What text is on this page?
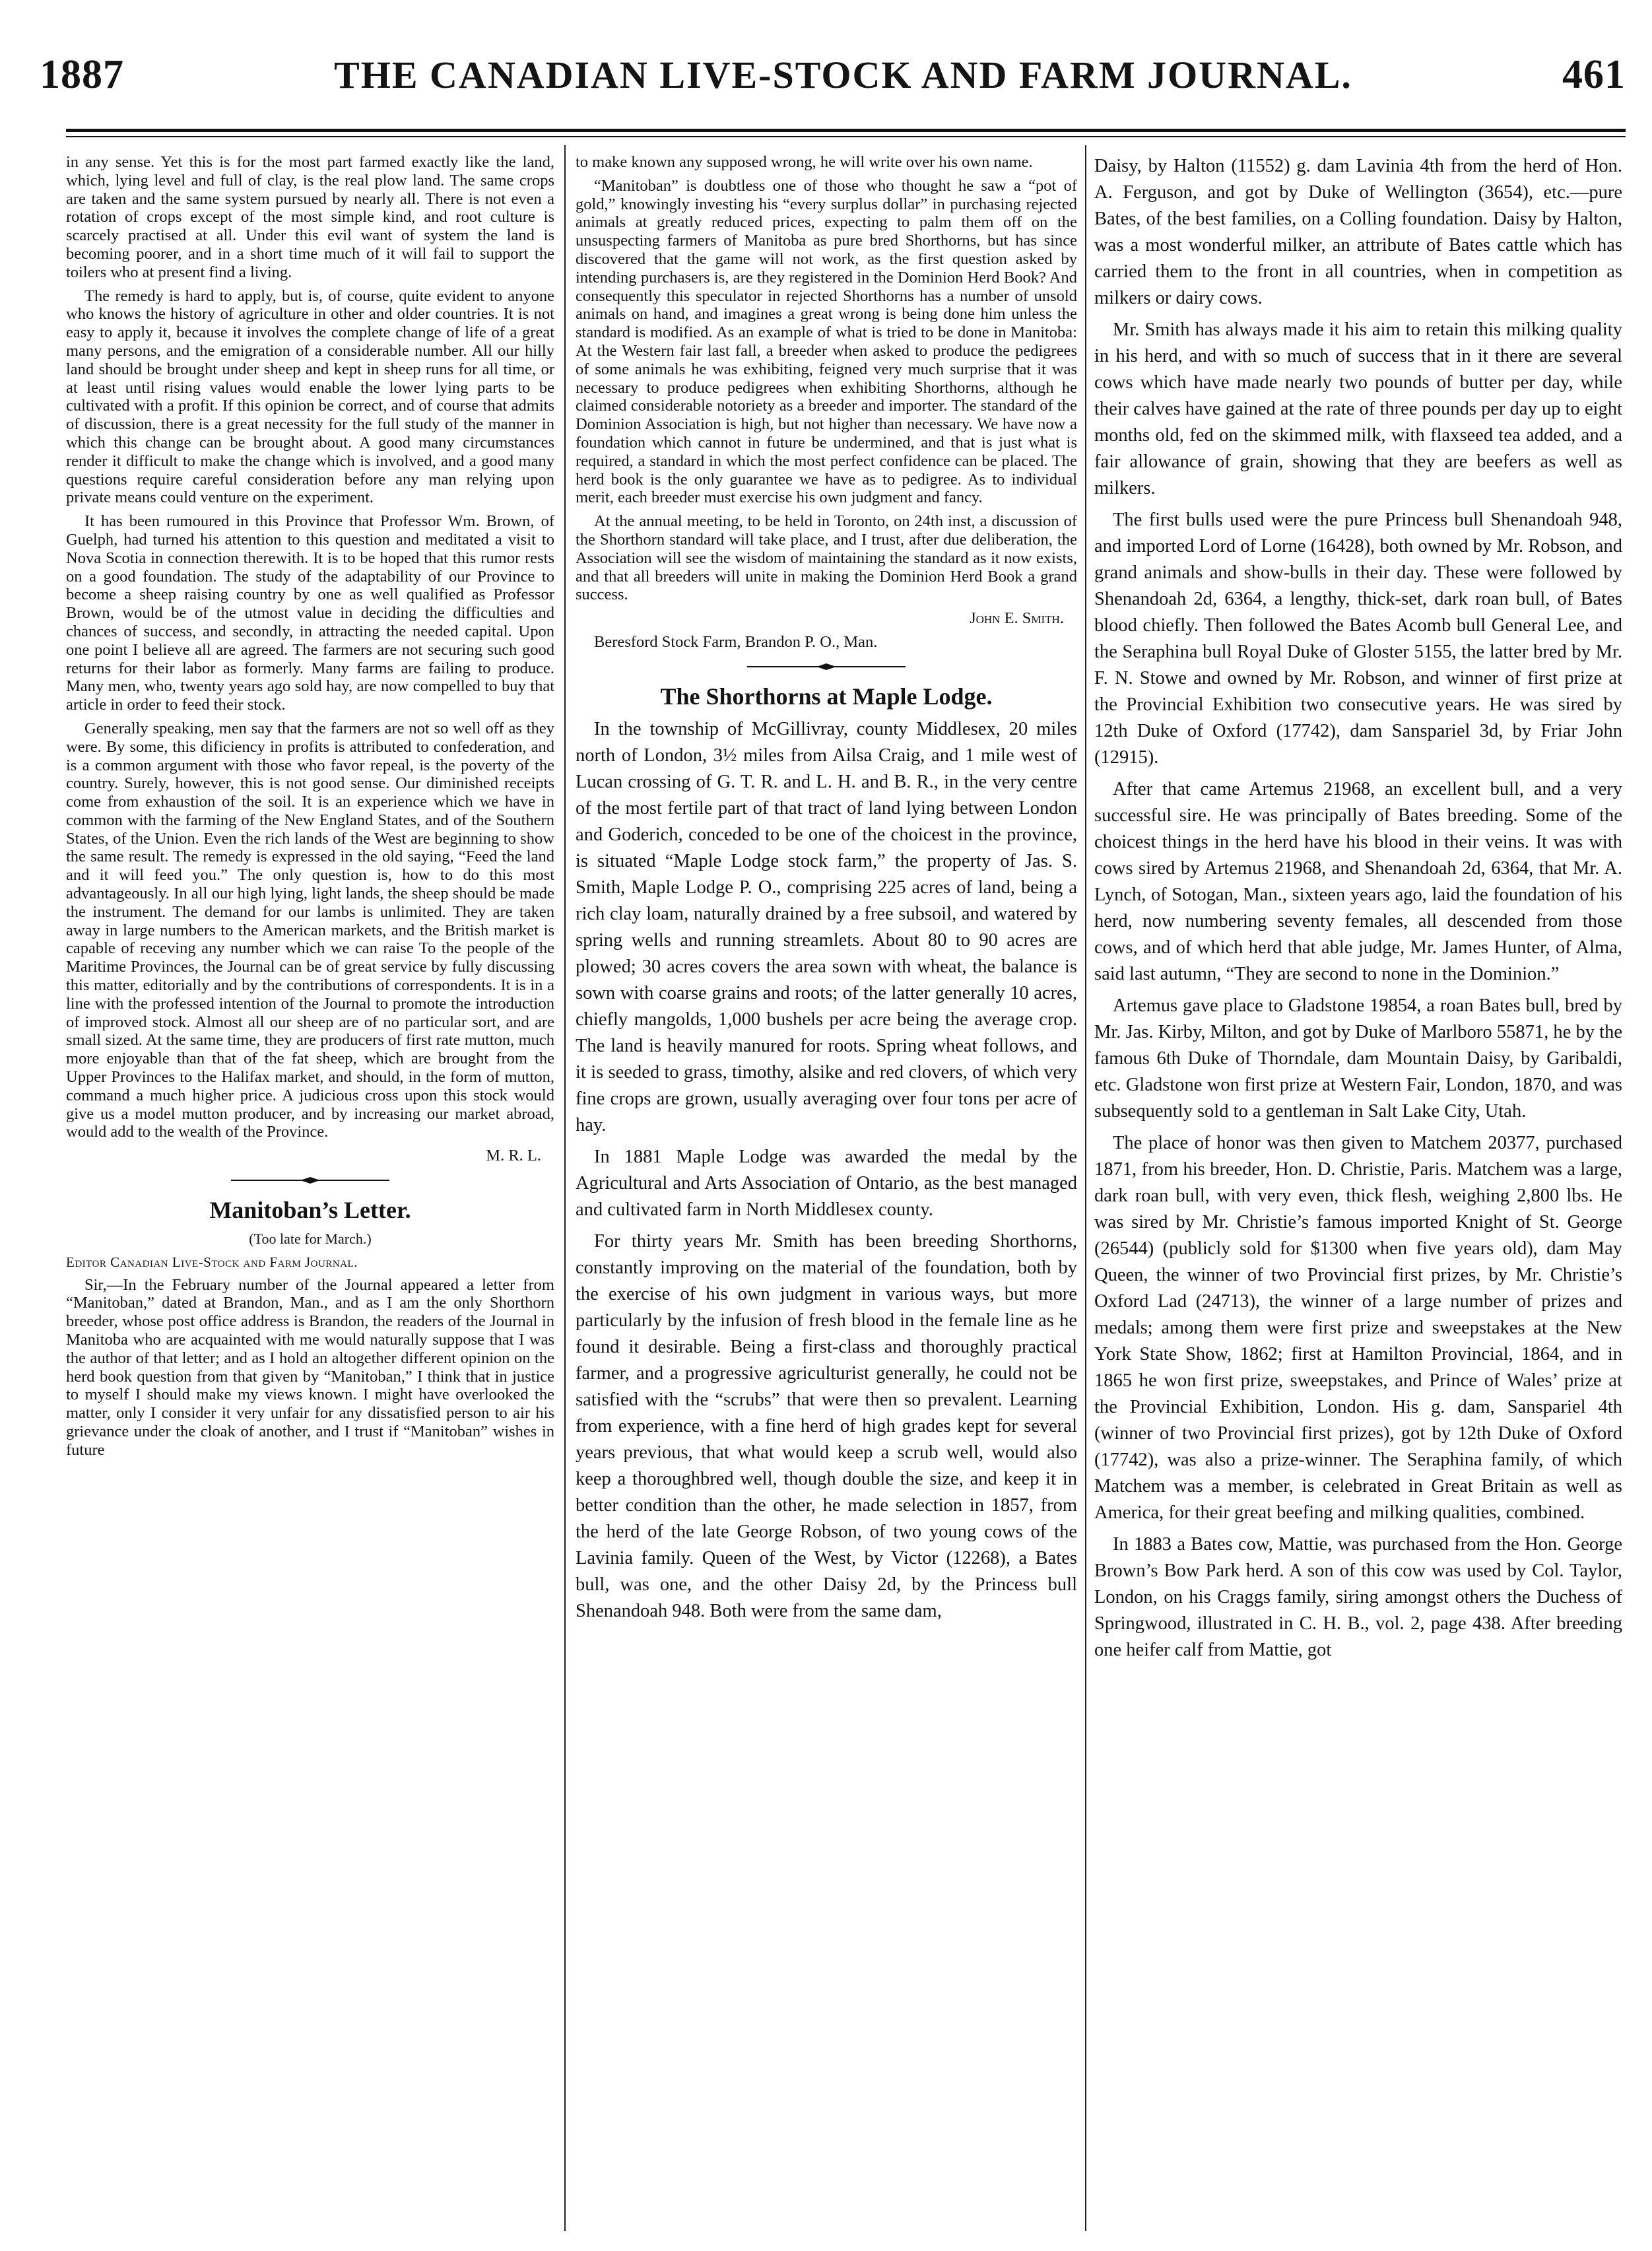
1887	THE CANADIAN LIVE-STOCK AND FARM JOURNAL.	461

in any sense. Yet this is for the most part farmed exactly like the land, which, lying level and full of clay, is the real plow land. The same crops are taken and the same system pursued by nearly all. There is not even a rotation of crops except of the most simple kind, and root culture is scarcely practised at all. Under this evil want of system the land is becoming poorer, and in a short time much of it will fail to support the toilers who at present find a living.

The remedy is hard to apply, but is, of course, quite evident to anyone who knows the history of agriculture in other and older countries. It is not easy to apply it, because it involves the complete change of life of a great many persons, and the emigration of a considerable number. All our hilly land should be brought under sheep and kept in sheep runs for all time, or at least until rising values would enable the lower lying parts to be cultivated with a profit. If this opinion be correct, and of course that admits of discussion, there is a great necessity for the full study of the manner in which this change can be brought about. A good many circumstances render it difficult to make the change which is involved, and a good many questions require careful consideration before any man relying upon private means could venture on the experiment.

It has been rumoured in this Province that Professor Wm. Brown, of Guelph, had turned his attention to this question and meditated a visit to Nova Scotia in connection therewith. It is to be hoped that this rumor rests on a good foundation. The study of the adaptability of our Province to become a sheep raising country by one as well qualified as Professor Brown, would be of the utmost value in deciding the difficulties and chances of success, and secondly, in attracting the needed capital. Upon one point I believe all are agreed. The farmers are not securing such good returns for their labor as formerly. Many farms are failing to produce. Many men, who, twenty years ago sold hay, are now compelled to buy that article in order to feed their stock.

Generally speaking, men say that the farmers are not so well off as they were. By some, this dificiency in profits is attributed to confederation, and is a common argument with those who favor repeal, is the poverty of the country. Surely, however, this is not good sense. Our diminished receipts come from exhaustion of the soil. It is an experience which we have in common with the farming of the New England States, and of the Southern States, of the Union. Even the rich lands of the West are beginning to show the same result. The remedy is expressed in the old saying, “Feed the land and it will feed you.” The only question is, how to do this most advantageously. In all our high lying, light lands, the sheep should be made the instrument. The demand for our lambs is unlimited. They are taken away in large numbers to the American markets, and the British market is capable of receving any number which we can raise To the people of the Maritime Provinces, the Journal can be of great service by fully discussing this matter, editorially and by the contributions of correspondents. It is in a line with the professed intention of the Journal to promote the introduction of improved stock. Almost all our sheep are of no particular sort, and are small sized. At the same time, they are producers of first rate mutton, much more enjoyable than that of the fat sheep, which are brought from the Upper Provinces to the Halifax market, and should, in the form of mutton, command a much higher price. A judicious cross upon this stock would give us a model mutton producer, and by increasing our market abroad, would add to the wealth of the Province.

M. R. L.

Manitoban’s Letter.

(Too late for March.)

Editor Canadian Live-Stock and Farm Journal.

Sir,—In the February number of the Journal appeared a letter from “Manitoban,” dated at Brandon, Man., and as I am the only Shorthorn breeder, whose post office address is Brandon, the readers of the Journal in Manitoba who are acquainted with me would naturally suppose that I was the author of that letter; and as I hold an altogether different opinion on the herd book question from that given by “Manitoban,” I think that in justice to myself I should make my views known. I might have overlooked the matter, only I consider it very unfair for any dissatisfied person to air his grievance under the cloak of another, and I trust if “Manitoban” wishes in future

to make known any supposed wrong, he will write over his own name.

“Manitoban” is doubtless one of those who thought he saw a “pot of gold,” knowingly investing his “every surplus dollar” in purchasing rejected animals at greatly reduced prices, expecting to palm them off on the unsuspecting farmers of Manitoba as pure bred Shorthorns, but has since discovered that the game will not work, as the first question asked by intending purchasers is, are they registered in the Dominion Herd Book? And consequently this speculator in rejected Shorthorns has a number of unsold animals on hand, and imagines a great wrong is being done him unless the standard is modified. As an example of what is tried to be done in Manitoba: At the Western fair last fall, a breeder when asked to produce the pedigrees of some animals he was exhibiting, feigned very much surprise that it was necessary to produce pedigrees when exhibiting Shorthorns, although he claimed considerable notoriety as a breeder and importer. The standard of the Dominion Association is high, but not higher than necessary. We have now a foundation which cannot in future be undermined, and that is just what is required, a standard in which the most perfect confidence can be placed. The herd book is the only guarantee we have as to pedigree. As to individual merit, each breeder must exercise his own judgment and fancy.

At the annual meeting, to be held in Toronto, on 24th inst, a discussion of the Shorthorn standard will take place, and I trust, after due deliberation, the Association will see the wisdom of maintaining the standard as it now exists, and that all breeders will unite in making the Dominion Herd Book a grand success.

John E. Smith.

Beresford Stock Farm, Brandon P. O., Man.

The Shorthorns at Maple Lodge.

In the township of McGillivray, county Middlesex, 20 miles north of London, 3½ miles from Ailsa Craig, and 1 mile west of Lucan crossing of G. T. R. and L. H. and B. R., in the very centre of the most fertile part of that tract of land lying between London and Goderich, conceded to be one of the choicest in the province, is situated “Maple Lodge stock farm,” the property of Jas. S. Smith, Maple Lodge P. O., comprising 225 acres of land, being a rich clay loam, naturally drained by a free subsoil, and watered by spring wells and running streamlets. About 80 to 90 acres are plowed; 30 acres covers the area sown with wheat, the balance is sown with coarse grains and roots; of the latter generally 10 acres, chiefly mangolds, 1,000 bushels per acre being the average crop. The land is heavily manured for roots. Spring wheat follows, and it is seeded to grass, timothy, alsike and red clovers, of which very fine crops are grown, usually averaging over four tons per acre of hay.

In 1881 Maple Lodge was awarded the medal by the Agricultural and Arts Association of Ontario, as the best managed and cultivated farm in North Middlesex county.

For thirty years Mr. Smith has been breeding Shorthorns, constantly improving on the material of the foundation, both by the exercise of his own judgment in various ways, but more particularly by the infusion of fresh blood in the female line as he found it desirable. Being a first-class and thoroughly practical farmer, and a progressive agriculturist generally, he could not be satisfied with the “scrubs” that were then so prevalent. Learning from experience, with a fine herd of high grades kept for several years previous, that what would keep a scrub well, would also keep a thoroughbred well, though double the size, and keep it in better condition than the other, he made selection in 1857, from the herd of the late George Robson, of two young cows of the Lavinia family. Queen of the West, by Victor (12268), a Bates bull, was one, and the other Daisy 2d, by the Princess bull Shenandoah 948. Both were from the same dam,

Daisy, by Halton (11552) g. dam Lavinia 4th from the herd of Hon. A. Ferguson, and got by Duke of Wellington (3654), etc.—pure Bates, of the best families, on a Colling foundation. Daisy by Halton, was a most wonderful milker, an attribute of Bates cattle which has carried them to the front in all countries, when in competition as milkers or dairy cows.

Mr. Smith has always made it his aim to retain this milking quality in his herd, and with so much of success that in it there are several cows which have made nearly two pounds of butter per day, while their calves have gained at the rate of three pounds per day up to eight months old, fed on the skimmed milk, with flaxseed tea added, and a fair allowance of grain, showing that they are beefers as well as milkers.

The first bulls used were the pure Princess bull Shenandoah 948, and imported Lord of Lorne (16428), both owned by Mr. Robson, and grand animals and show-bulls in their day. These were followed by Shenandoah 2d, 6364, a lengthy, thick-set, dark roan bull, of Bates blood chiefly. Then followed the Bates Acomb bull General Lee, and the Seraphina bull Royal Duke of Gloster 5155, the latter bred by Mr. F. N. Stowe and owned by Mr. Robson, and winner of first prize at the Provincial Exhibition two consecutive years. He was sired by 12th Duke of Oxford (17742), dam Sanspariel 3d, by Friar John (12915).

After that came Artemus 21968, an excellent bull, and a very successful sire. He was principally of Bates breeding. Some of the choicest things in the herd have his blood in their veins. It was with cows sired by Artemus 21968, and Shenandoah 2d, 6364, that Mr. A. Lynch, of Sotogan, Man., sixteen years ago, laid the foundation of his herd, now numbering seventy females, all descended from those cows, and of which herd that able judge, Mr. James Hunter, of Alma, said last autumn, “They are second to none in the Dominion.”

Artemus gave place to Gladstone 19854, a roan Bates bull, bred by Mr. Jas. Kirby, Milton, and got by Duke of Marlboro 55871, he by the famous 6th Duke of Thorndale, dam Mountain Daisy, by Garibaldi, etc. Gladstone won first prize at Western Fair, London, 1870, and was subsequently sold to a gentleman in Salt Lake City, Utah.

The place of honor was then given to Matchem 20377, purchased 1871, from his breeder, Hon. D. Christie, Paris. Matchem was a large, dark roan bull, with very even, thick flesh, weighing 2,800 lbs. He was sired by Mr. Christie’s famous imported Knight of St. George (26544) (publicly sold for $1300 when five years old), dam May Queen, the winner of two Provincial first prizes, by Mr. Christie’s Oxford Lad (24713), the winner of a large number of prizes and medals; among them were first prize and sweepstakes at the New York State Show, 1862; first at Hamilton Provincial, 1864, and in 1865 he won first prize, sweepstakes, and Prince of Wales’ prize at the Provincial Exhibition, London. His g. dam, Sanspariel 4th (winner of two Provincial first prizes), got by 12th Duke of Oxford (17742), was also a prize-winner. The Seraphina family, of which Matchem was a member, is celebrated in Great Britain as well as America, for their great beefing and milking qualities, combined.

In 1883 a Bates cow, Mattie, was purchased from the Hon. George Brown’s Bow Park herd. A son of this cow was used by Col. Taylor, London, on his Craggs family, siring amongst others the Duchess of Springwood, illustrated in C. H. B., vol. 2, page 438. After breeding one heifer calf from Mattie, got
